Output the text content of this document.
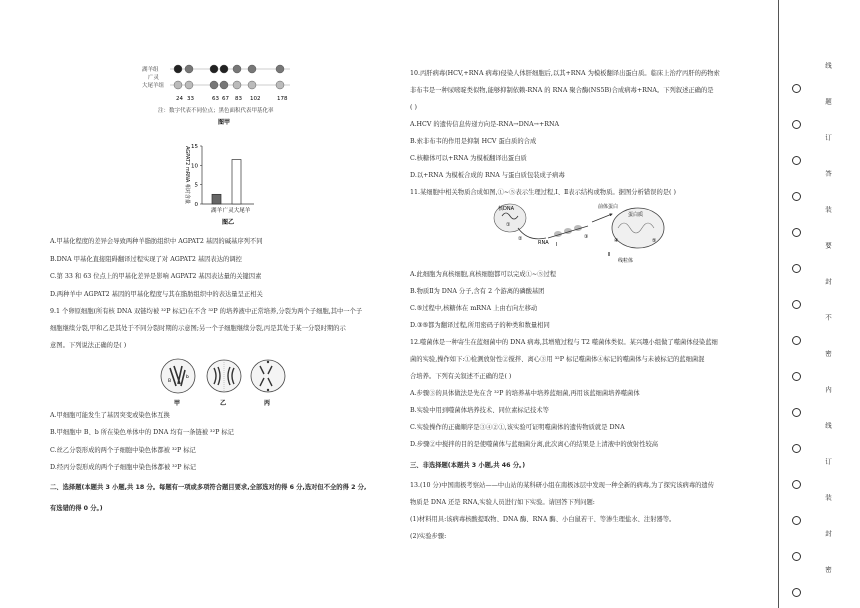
湖羊组
广灵
大尾羊组
24 33	63 67 83 102	178
注：数字代表不同位点；黑色面积代表甲基化率
图甲
0
5
10
15
AGPAT2 mRNA 相对含量
湖羊 广灵大尾羊
图乙
A.甲基化程度的差异会导致两种羊脂肪组织中 AGPAT2 基因的碱基序列不同
B.DNA 甲基化直接阻碍翻译过程实现了对 AGPAT2 基因表达的调控
C.第 33 和 63 位点上的甲基化差异是影响 AGPAT2 基因表达量的关键因素
D.两种羊中 AGPAT2 基因的甲基化程度与其在脂肪组织中的表达量呈正相关
9.1 个卵原细胞(所有核 DNA 双链均被 ³²P 标记)在不含 ³²P 的培养液中正常培养,分裂为两个子细胞,其中一个子
细胞继续分裂,甲和乙是其处于不同分裂时期的示意图;另一个子细胞继续分裂,丙是其处于某一分裂时期的示
意图。下列说法正确的是( )
B
b
甲	乙	丙
A.甲细胞可能发生了基因突变或染色体互换
B.甲细胞中 B、b 所在染色单体中的 DNA 均有一条链被 ³²P 标记
C.丝乙分裂形成的两个子细胞中染色体都被 ³²P 标记
D.经丙分裂形成的两个子细胞中染色体都被 ³²P 标记
二、选择题(本题共 3 小题,共 18 分。每题有一项或多项符合题目要求,全部选对的得 6 分,选对但不全的得 2 分,
有选错的得 0 分。)
10.丙肝病毒(HCV,+RNA 病毒)侵染人体肝细胞后,以其+RNA 为模板翻译出蛋白质。临床上治疗丙肝的药物索
非布韦是一种尿嘧啶类似物,能够抑制依赖-RNA 的 RNA 聚合酶(NS5B)合成病毒+RNA。下列叙述正确的是
( )
A.HCV 的遗传信息传递方向是-RNA→DNA→+RNA
B.索非布韦的作用是抑制 HCV 蛋白质的合成
C.核糖体可以+RNA 为模板翻译出蛋白质
D.以+RNA 为模板合成的 RNA 与蛋白质包装成子病毒
11.某细胞中相关物质合成如图,①~⑤表示生理过程,Ⅰ、Ⅱ表示结构或物质。据图分析错误的是( )
核DNA
①
②
RNA Ⅰ
③
前体蛋白
蛋白质
④	⑤
Ⅱ
线粒体
A.此细胞为真核细胞,真核细胞都可以完成①~⑤过程
B.物质Ⅱ为 DNA 分子,含有 2 个游离的磷酸基团
C.⑤过程中,核糖体在 mRNA 上由右向左移动
D.③⑤都为翻译过程,所用密码子的种类和数量相同
12.噬菌体是一种寄生在蓝细菌中的 DNA 病毒,其增殖过程与 T2 噬菌体类似。某兴趣小组做了噬菌体侵染蓝细
菌的实验,操作如下:①检测放射性②搅拌、离心③用 ³²P 标记噬菌体④标记的噬菌体与未被标记的蓝细菌混
合培养。下列有关叙述不正确的是( )
A.步骤③的具体做法是先在含 ³²P 的培养基中培养蓝细菌,再用该蓝细菌培养噬菌体
B.实验中用到噬菌体培养技术、同位素标记技术等
C.实验操作的正确顺序是③④②①,该实验可证明噬菌体的遗传物质就是 DNA
D.步骤②中搅拌的目的是使噬菌体与蓝细菌分离,此次离心的结果是上清液中的放射性较高
三、非选择题(本题共 3 小题,共 46 分。)
13.(10 分)中国南极考察站——中山站的某科研小组在南极冰层中发现一种全新的病毒,为了探究该病毒的遗传
物质是 DNA 还是 RNA,实验人员进行如下实验。请回答下列问题:
(1)材料用具:该病毒核酸提取物、DNA 酶、RNA 酶、小白鼠若干、等渗生理盐水、注射器等。
(2)实验步骤:
线
题
订
答
装
要
封
不
密
内
线
订
装
封
密
